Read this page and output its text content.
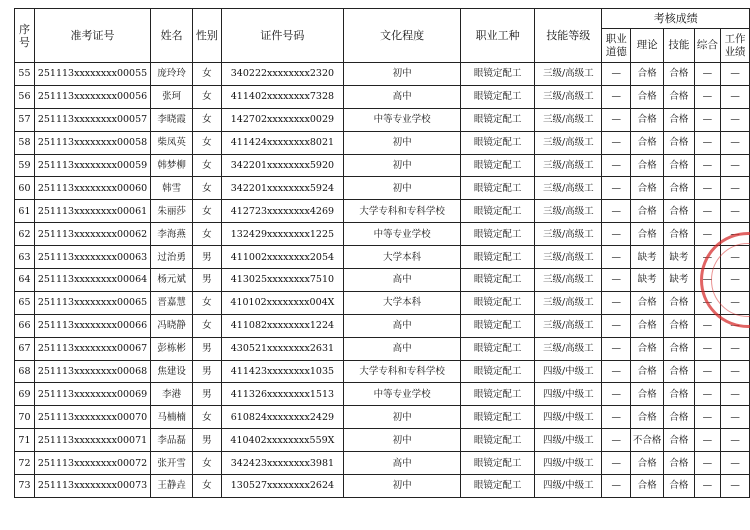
序号	准考证号	姓名	性别	证件号码	文化程度	职业工种	技能等级	考核成绩				
								职业道德	理论	技能	综合	工作业绩
55	251113xxxxxxxx00055	庞玲玲	女	340222xxxxxxxx2320	初中	眼镜定配工	三级/高级工	—	合格	合格	—	—
56	251113xxxxxxxx00056	张珂	女	411402xxxxxxxx7328	高中	眼镜定配工	三级/高级工	—	合格	合格	—	—
57	251113xxxxxxxx00057	李晓霞	女	142702xxxxxxxx0029	中等专业学校	眼镜定配工	三级/高级工	—	合格	合格	—	—
58	251113xxxxxxxx00058	柴凤英	女	411424xxxxxxxx8021	初中	眼镜定配工	三级/高级工	—	合格	合格	—	—
59	251113xxxxxxxx00059	韩梦柳	女	342201xxxxxxxx5920	初中	眼镜定配工	三级/高级工	—	合格	合格	—	—
60	251113xxxxxxxx00060	韩雪	女	342201xxxxxxxx5924	初中	眼镜定配工	三级/高级工	—	合格	合格	—	—
61	251113xxxxxxxx00061	朱丽莎	女	412723xxxxxxxx4269	大学专科和专科学校	眼镜定配工	三级/高级工	—	合格	合格	—	—
62	251113xxxxxxxx00062	李海燕	女	132429xxxxxxxx1225	中等专业学校	眼镜定配工	三级/高级工	—	合格	合格	—	—
63	251113xxxxxxxx00063	过治勇	男	411002xxxxxxxx2054	大学本科	眼镜定配工	三级/高级工	—	缺考	缺考	—	—
64	251113xxxxxxxx00064	杨元斌	男	413025xxxxxxxx7510	高中	眼镜定配工	三级/高级工	—	缺考	缺考	—	—
65	251113xxxxxxxx00065	晋嘉慧	女	410102xxxxxxxx004X	大学本科	眼镜定配工	三级/高级工	—	合格	合格	—	—
66	251113xxxxxxxx00066	冯晓静	女	411082xxxxxxxx1224	高中	眼镜定配工	三级/高级工	—	合格	合格	—	—
67	251113xxxxxxxx00067	彭栋彬	男	430521xxxxxxxx2631	高中	眼镜定配工	三级/高级工	—	合格	合格	—	—
68	251113xxxxxxxx00068	焦建设	男	411423xxxxxxxx1035	大学专科和专科学校	眼镜定配工	四级/中级工	—	合格	合格	—	—
69	251113xxxxxxxx00069	李港	男	411326xxxxxxxx1513	中等专业学校	眼镜定配工	四级/中级工	—	合格	合格	—	—
70	251113xxxxxxxx00070	马楠楠	女	610824xxxxxxxx2429	初中	眼镜定配工	四级/中级工	—	合格	合格	—	—
71	251113xxxxxxxx00071	李品磊	男	410402xxxxxxxx559X	初中	眼镜定配工	四级/中级工	—	不合格	合格	—	—
72	251113xxxxxxxx00072	张开雪	女	342423xxxxxxxx3981	高中	眼镜定配工	四级/中级工	—	合格	合格	—	—
73	251113xxxxxxxx00073	王静垚	女	130527xxxxxxxx2624	初中	眼镜定配工	四级/中级工	—	合格	合格	—	—
